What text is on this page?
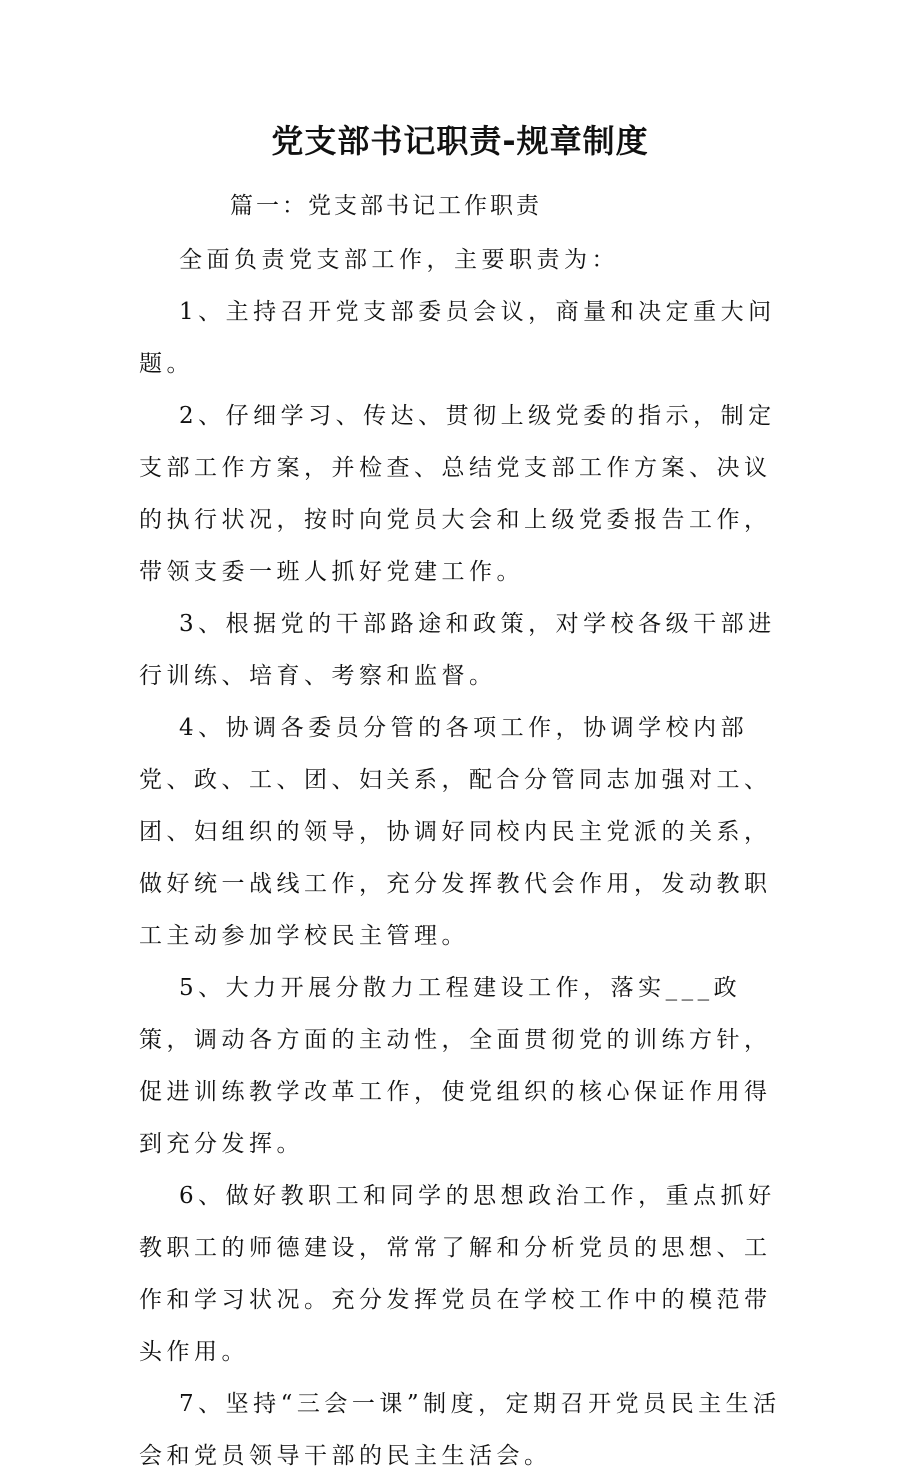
党支部书记职责-规章制度
篇一：党支部书记工作职责

全面负责党支部工作，主要职责为：

1、主持召开党支部委员会议，商量和决定重大问题。

2、仔细学习、传达、贯彻上级党委的指示，制定支部工作方案，并检查、总结党支部工作方案、决议的执行状况，按时向党员大会和上级党委报告工作，带领支委一班人抓好党建工作。

3、根据党的干部路途和政策，对学校各级干部进行训练、培育、考察和监督。

4、协调各委员分管的各项工作，协调学校内部党、政、工、团、妇关系，配合分管同志加强对工、团、妇组织的领导，协调好同校内民主党派的关系，做好统一战线工作，充分发挥教代会作用，发动教职工主动参加学校民主管理。

5、大力开展分散力工程建设工作，落实___政策，调动各方面的主动性，全面贯彻党的训练方针，促进训练教学改革工作，使党组织的核心保证作用得到充分发挥。

6、做好教职工和同学的思想政治工作，重点抓好教职工的师德建设，常常了解和分析党员的思想、工作和学习状况。充分发挥党员在学校工作中的模范带头作用。

7、坚持“三会一课”制度，定期召开党员民主生活会和党员领导干部的民主生活会。
